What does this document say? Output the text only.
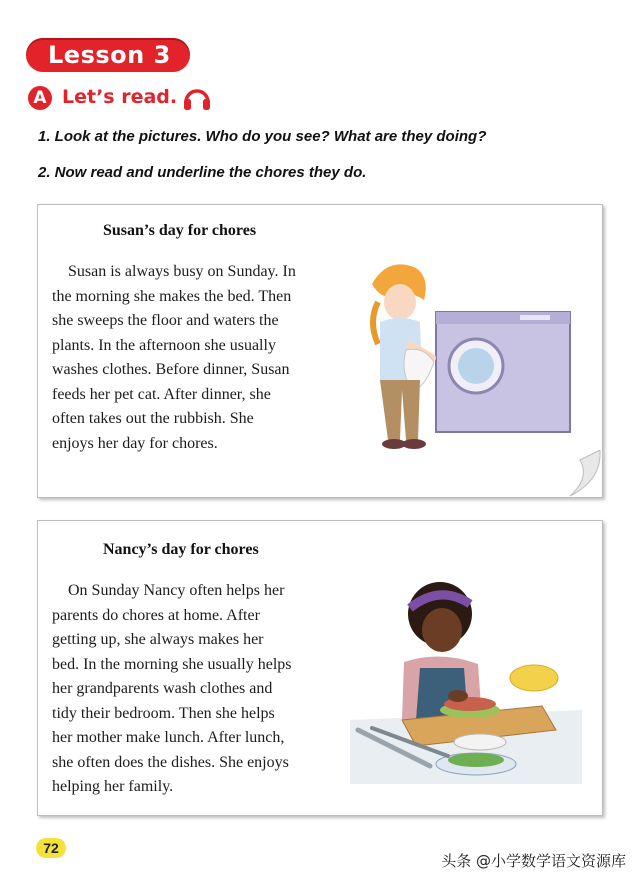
Lesson 3
A Let’s read.
1. Look at the pictures. Who do you see? What are they doing?
2. Now read and underline the chores they do.
Susan’s day for chores
Susan is always busy on Sunday. In
the morning she makes the bed. Then
she sweeps the floor and waters the
plants. In the afternoon she usually
washes clothes. Before dinner, Susan
feeds her pet cat. After dinner, she
often takes out the rubbish. She
enjoys her day for chores.
Nancy’s day for chores
On Sunday Nancy often helps her
parents do chores at home. After
getting up, she always makes her
bed. In the morning she usually helps
her grandparents wash clothes and
tidy their bedroom. Then she helps
her mother make lunch. After lunch,
she often does the dishes. She enjoys
helping her family.
72
头条 @小学数学语文资源库
